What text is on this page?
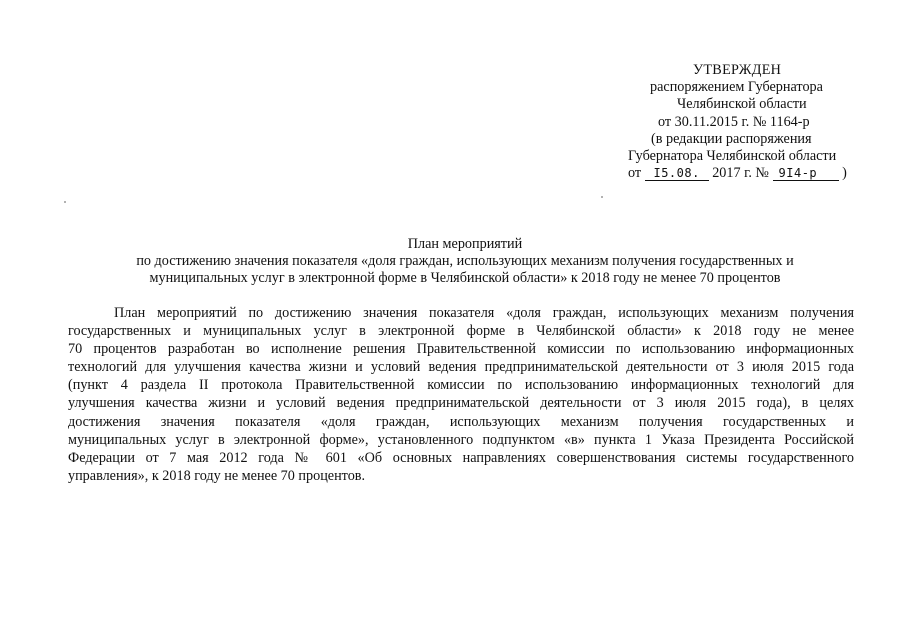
УТВЕРЖДЕН
распоряжением Губернатора
Челябинской области
от 30.11.2015 г. № 1164-р
(в редакции распоряжения
Губернатора Челябинской области
от I5.08. 2017 г. № 9I4-р )
План мероприятий
по достижению значения показателя «доля граждан, использующих механизм получения государственных и
муниципальных услуг в электронной форме в Челябинской области» к 2018 году не менее 70 процентов
План мероприятий по достижению значения показателя «доля граждан, использующих механизм получения
государственных и муниципальных услуг в электронной форме в Челябинской области» к 2018 году не менее
70 процентов разработан во исполнение решения Правительственной комиссии по использованию информационных
технологий для улучшения качества жизни и условий ведения предпринимательской деятельности от 3 июля 2015 года
(пункт 4 раздела II протокола Правительственной комиссии по использованию информационных технологий для
улучшения качества жизни и условий ведения предпринимательской деятельности от 3 июля 2015 года), в целях
достижения значения показателя «доля граждан, использующих механизм получения государственных и
муниципальных услуг в электронной форме», установленного подпунктом «в» пункта 1 Указа Президента Российской
Федерации от 7 мая 2012 года № 601 «Об основных направлениях совершенствования системы государственного
управления», к 2018 году не менее 70 процентов.
